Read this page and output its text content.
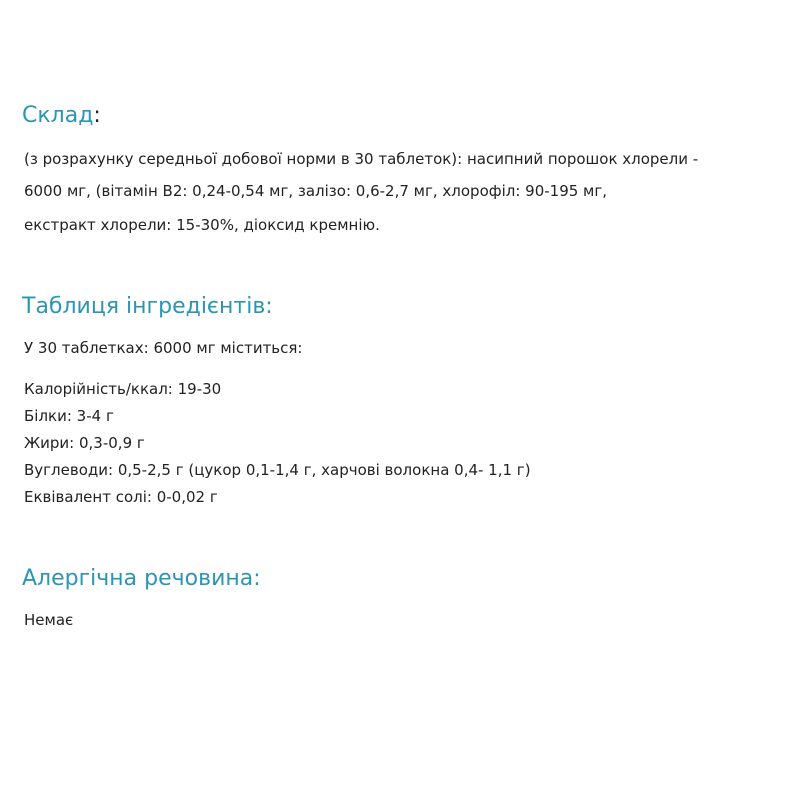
Склад:

(з розрахунку середньої добової норми в 30 таблеток): насипний порошок хлорели -

6000 мг, (вітамін B2: 0,24-0,54 мг, залізо: 0,6-2,7 мг, хлорофіл: 90-195 мг,

екстракт хлорели: 15-30%, діоксид кремнію.

Таблиця інгредієнтів:

У 30 таблетках: 6000 мг міститься:

Калорійність/ккал: 19-30

Білки: 3-4 г

Жири: 0,3-0,9 г

Вуглеводи: 0,5-2,5 г (цукор 0,1-1,4 г, харчові волокна 0,4- 1,1 г)

Еквівалент солі: 0-0,02 г

Алергічна речовина:

Немає
